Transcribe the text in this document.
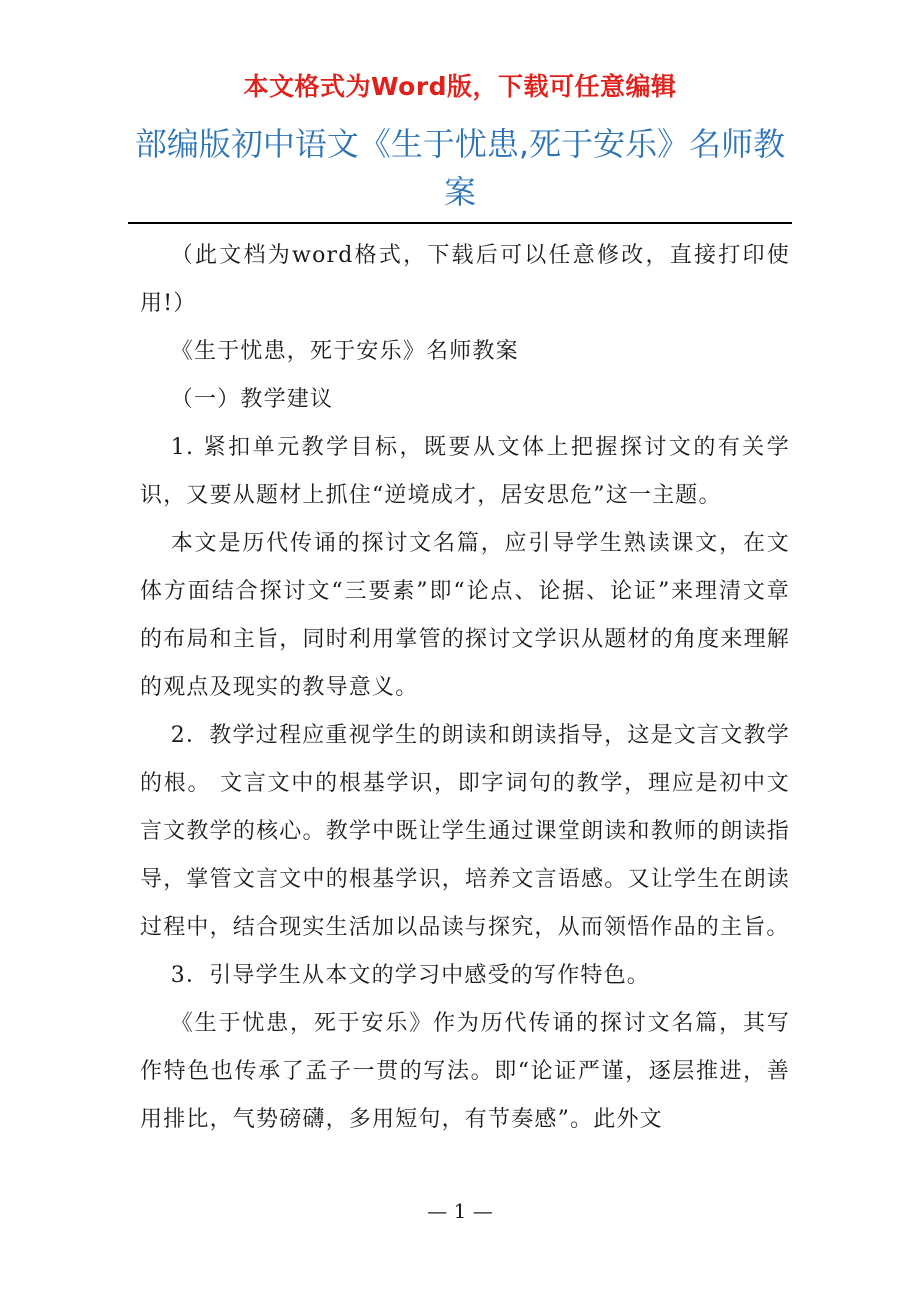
本文格式为Word版，下载可任意编辑
部编版初中语文《生于忧患,死于安乐》名师教案

（此文档为word格式，下载后可以任意修改，直接打印使用!）

《生于忧患，死于安乐》名师教案

（一）教学建议

1. 紧扣单元教学目标，既要从文体上把握探讨文的有关学识，又要从题材上抓住“逆境成才，居安思危”这一主题。

本文是历代传诵的探讨文名篇，应引导学生熟读课文，在文体方面结合探讨文“三要素”即“论点、论据、论证”来理清文章的布局和主旨，同时利用掌管的探讨文学识从题材的角度来理解的观点及现实的教导意义。

2．教学过程应重视学生的朗读和朗读指导，这是文言文教学的根。 文言文中的根基学识，即字词句的教学，理应是初中文言文教学的核心。教学中既让学生通过课堂朗读和教师的朗读指导，掌管文言文中的根基学识，培养文言语感。又让学生在朗读过程中，结合现实生活加以品读与探究，从而领悟作品的主旨。

3．引导学生从本文的学习中感受的写作特色。

《生于忧患，死于安乐》作为历代传诵的探讨文名篇，其写作特色也传承了孟子一贯的写法。即“论证严谨，逐层推进，善用排比，气势磅礴，多用短句，有节奏感”。此外文

— 1 —
